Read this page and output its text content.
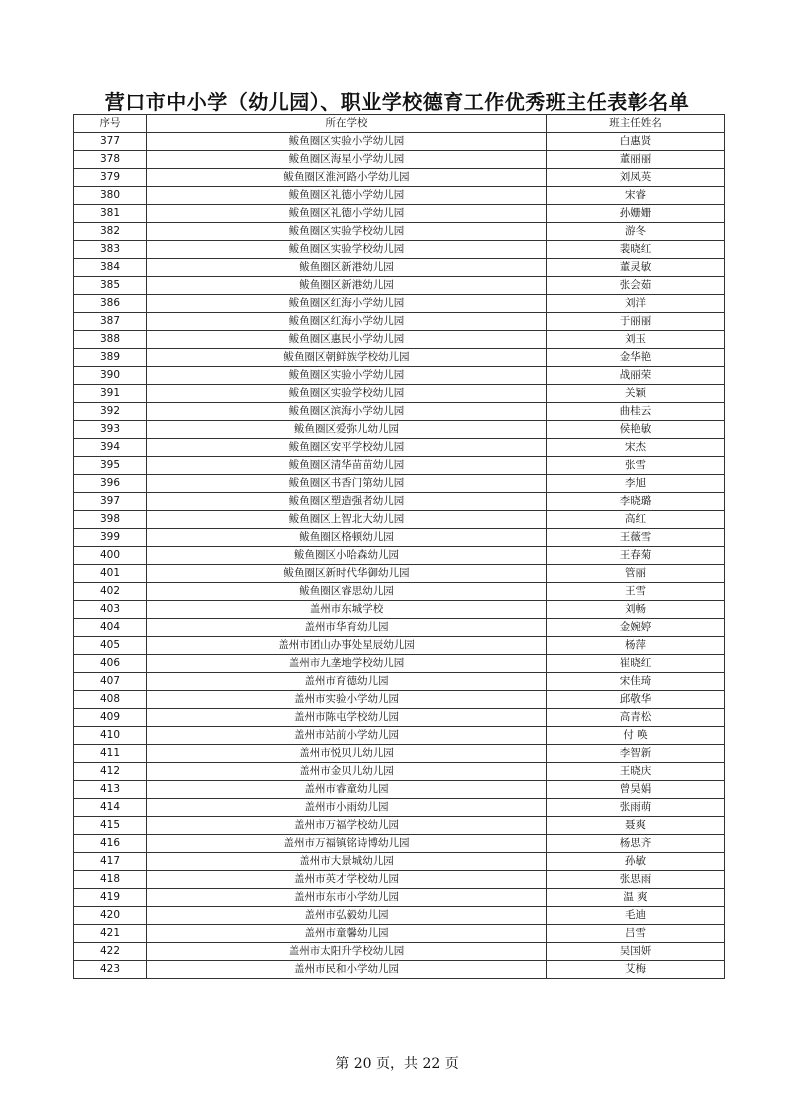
营口市中小学（幼儿园）、职业学校德育工作优秀班主任表彰名单
序号	所在学校	班主任姓名
377	鲅鱼圈区实验小学幼儿园	白惠贤
378	鲅鱼圈区海星小学幼儿园	董丽丽
379	鲅鱼圈区淮河路小学幼儿园	刘凤英
380	鲅鱼圈区礼德小学幼儿园	宋睿
381	鲅鱼圈区礼德小学幼儿园	孙姗姗
382	鲅鱼圈区实验学校幼儿园	游冬
383	鲅鱼圈区实验学校幼儿园	裴晓红
384	鲅鱼圈区新港幼儿园	董灵敏
385	鲅鱼圈区新港幼儿园	张会茹
386	鲅鱼圈区红海小学幼儿园	刘洋
387	鲅鱼圈区红海小学幼儿园	于丽丽
388	鲅鱼圈区惠民小学幼儿园	刘玉
389	鲅鱼圈区朝鲜族学校幼儿园	金华艳
390	鲅鱼圈区实验小学幼儿园	战丽荣
391	鲅鱼圈区实验学校幼儿园	关颖
392	鲅鱼圈区滨海小学幼儿园	曲桂云
393	鲅鱼圈区爱弥儿幼儿园	侯艳敏
394	鲅鱼圈区安平学校幼儿园	宋杰
395	鲅鱼圈区清华苗苗幼儿园	张雪
396	鲅鱼圈区书香门第幼儿园	李旭
397	鲅鱼圈区塑造强者幼儿园	李晓璐
398	鲅鱼圈区上智北大幼儿园	高红
399	鲅鱼圈区格顿幼儿园	王薇雪
400	鲅鱼圈区小哈森幼儿园	王春菊
401	鲅鱼圈区新时代华御幼儿园	管丽
402	鲅鱼圈区睿思幼儿园	王雪
403	盖州市东城学校	刘畅
404	盖州市华育幼儿园	金婉婷
405	盖州市团山办事处星辰幼儿园	杨萍
406	盖州市九垄地学校幼儿园	崔晓红
407	盖州市育德幼儿园	宋佳琦
408	盖州市实验小学幼儿园	邱敬华
409	盖州市陈屯学校幼儿园	高青松
410	盖州市站前小学幼儿园	付 唤
411	盖州市悦贝儿幼儿园	李智新
412	盖州市金贝儿幼儿园	王晓庆
413	盖州市睿童幼儿园	曾昊娟
414	盖州市小雨幼儿园	张雨萌
415	盖州市万福学校幼儿园	聂爽
416	盖州市万福镇铭诗博幼儿园	杨思齐
417	盖州市大景城幼儿园	孙敏
418	盖州市英才学校幼儿园	张思雨
419	盖州市东市小学幼儿园	温 爽
420	盖州市弘毅幼儿园	毛迪
421	盖州市童馨幼儿园	吕雪
422	盖州市太阳升学校幼儿园	吴国妍
423	盖州市民和小学幼儿园	艾梅
第 20 页，共 22 页
